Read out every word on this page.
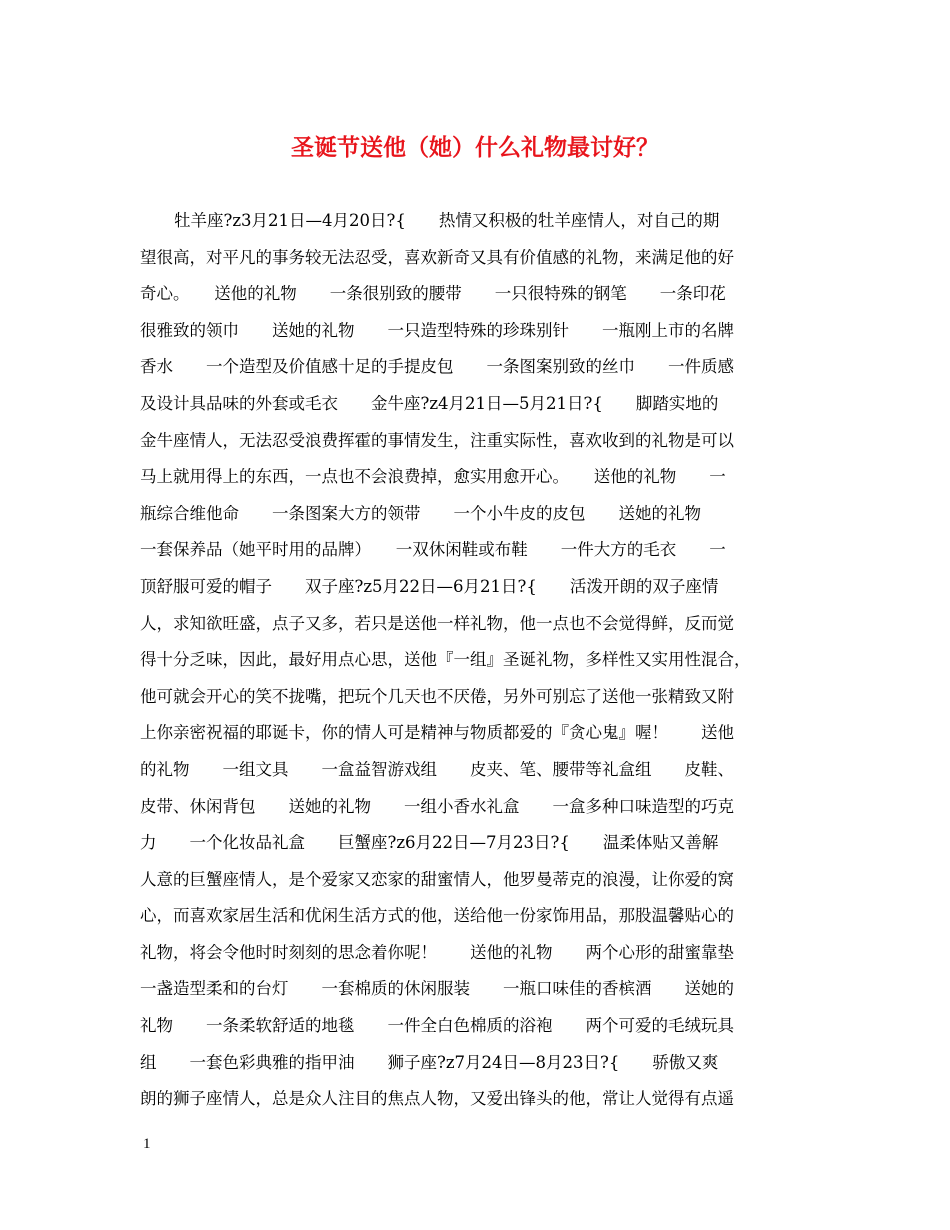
圣诞节送他（她）什么礼物最讨好？
牡羊座?z3月21日—4月20日?{　　热情又积极的牡羊座情人，对自己的期
望很高，对平凡的事务较无法忍受，喜欢新奇又具有价值感的礼物，来满足他的好
奇心。　　送他的礼物　　一条很别致的腰带　　一只很特殊的钢笔　　一条印花
很雅致的领巾　　送她的礼物　　一只造型特殊的珍珠别针　　一瓶刚上市的名牌
香水　　一个造型及价值感十足的手提皮包　　一条图案别致的丝巾　　一件质感
及设计具品味的外套或毛衣　　金牛座?z4月21日—5月21日?{　　脚踏实地的
金牛座情人，无法忍受浪费挥霍的事情发生，注重实际性，喜欢收到的礼物是可以
马上就用得上的东西，一点也不会浪费掉，愈实用愈开心。　　送他的礼物　　一
瓶综合维他命　　一条图案大方的领带　　一个小牛皮的皮包　　送她的礼物
一套保养品（她平时用的品牌）　　一双休闲鞋或布鞋　　一件大方的毛衣　　一
顶舒服可爱的帽子　　双子座?z5月22日—6月21日?{　　活泼开朗的双子座情
人，求知欲旺盛，点子又多，若只是送他一样礼物，他一点也不会觉得鲜，反而觉
得十分乏味，因此，最好用点心思，送他『一组』圣诞礼物，多样性又实用性混合，
他可就会开心的笑不拢嘴，把玩个几天也不厌倦，另外可别忘了送他一张精致又附
上你亲密祝福的耶诞卡，你的情人可是精神与物质都爱的『贪心鬼』喔！　　送他
的礼物　　一组文具　　一盒益智游戏组　　皮夹、笔、腰带等礼盒组　　皮鞋、
皮带、休闲背包　　送她的礼物　　一组小香水礼盒　　一盒多种口味造型的巧克
力　　一个化妆品礼盒　　巨蟹座?z6月22日—7月23日?{　　温柔体贴又善解
人意的巨蟹座情人，是个爱家又恋家的甜蜜情人，他罗曼蒂克的浪漫，让你爱的窝
心，而喜欢家居生活和优闲生活方式的他，送给他一份家饰用品，那股温馨贴心的
礼物，将会令他时时刻刻的思念着你呢！　　送他的礼物　　两个心形的甜蜜靠垫
一盏造型柔和的台灯　　一套棉质的休闲服装　　一瓶口味佳的香槟酒　　送她的
礼物　　一条柔软舒适的地毯　　一件全白色棉质的浴袍　　两个可爱的毛绒玩具
组　　一套色彩典雅的指甲油　　狮子座?z7月24日—8月23日?{　　骄傲又爽
朗的狮子座情人，总是众人注目的焦点人物，又爱出锋头的他，常让人觉得有点遥
1
